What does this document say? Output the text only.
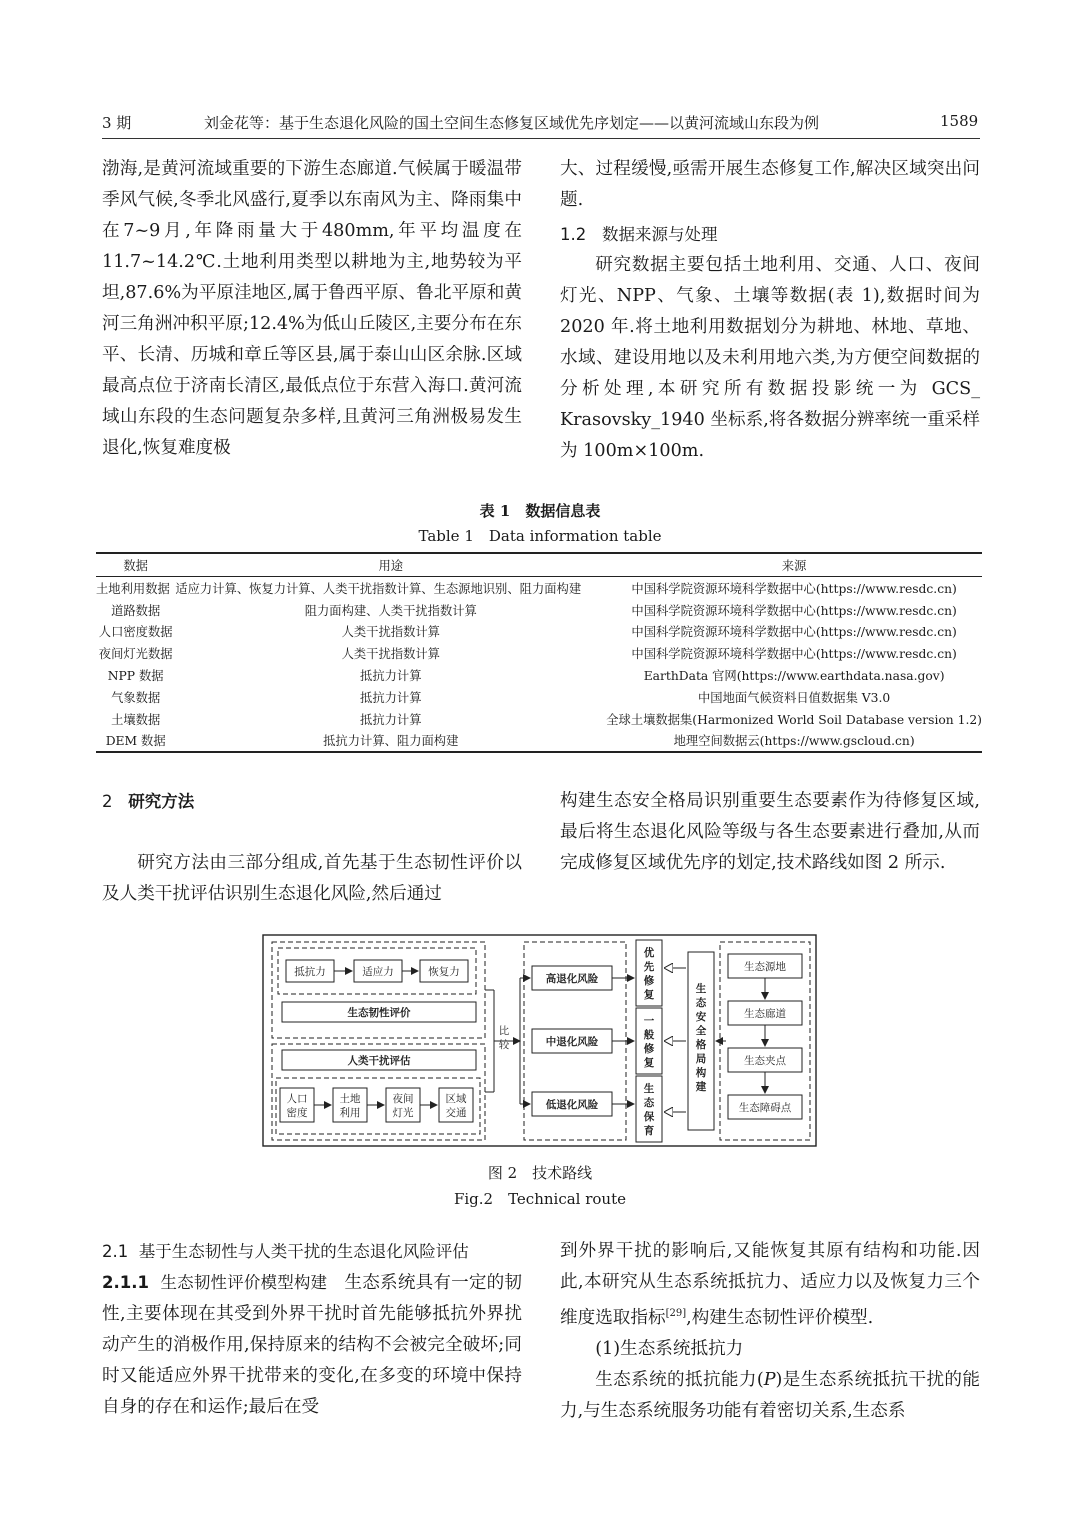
3 期	刘金花等：基于生态退化风险的国土空间生态修复区域优先序划定——以黄河流域山东段为例	1589

渤海,是黄河流域重要的下游生态廊道.气候属于暖温带季风气候,冬季北风盛行,夏季以东南风为主、降雨集中在7~9月,年降雨量大于480mm,年平均温度在 11.7~14.2℃.土地利用类型以耕地为主,地势较为平坦,87.6%为平原洼地区,属于鲁西平原、鲁北平原和黄河三角洲冲积平原;12.4%为低山丘陵区,主要分布在东平、长清、历城和章丘等区县,属于泰山山区余脉.区域最高点位于济南长清区,最低点位于东营入海口.黄河流域山东段的生态问题复杂多样,且黄河三角洲极易发生退化,恢复难度极

大、过程缓慢,亟需开展生态修复工作,解决区域突出问题.

1.2 数据来源与处理

研究数据主要包括土地利用、交通、人口、夜间灯光、NPP、气象、土壤等数据(表 1),数据时间为 2020 年.将土地利用数据划分为耕地、林地、草地、水域、建设用地以及未利用地六类,为方便空间数据的分析处理,本研究所有数据投影统一为 GCS_ Krasovsky_1940 坐标系,将各数据分辨率统一重采样为 100m×100m.

表 1　数据信息表
Table 1　Data information table
数据	用途	来源
土地利用数据	适应力计算、恢复力计算、人类干扰指数计算、生态源地识别、阻力面构建	中国科学院资源环境科学数据中心(https://www.resdc.cn)
道路数据	阻力面构建、人类干扰指数计算	中国科学院资源环境科学数据中心(https://www.resdc.cn)
人口密度数据	人类干扰指数计算	中国科学院资源环境科学数据中心(https://www.resdc.cn)
夜间灯光数据	人类干扰指数计算	中国科学院资源环境科学数据中心(https://www.resdc.cn)
NPP 数据	抵抗力计算	EarthData 官网(https://www.earthdata.nasa.gov)
气象数据	抵抗力计算	中国地面气候资料日值数据集 V3.0
土壤数据	抵抗力计算	全球土壤数据集(Harmonized World Soil Database version 1.2)
DEM 数据	抵抗力计算、阻力面构建	地理空间数据云(https://www.gscloud.cn)

2 研究方法

研究方法由三部分组成,首先基于生态韧性评价以及人类干扰评估识别生态退化风险,然后通过

构建生态安全格局识别重要生态要素作为待修复区域,最后将生态退化风险等级与各生态要素进行叠加,从而完成修复区域优先序的划定,技术路线如图 2 所示.

抵抗力	适应力	恢复力
生态韧性评价
人类干扰评估
人口
密度
土地
利用
夜间
灯光
区域
交通
比
较
高退化风险
中退化风险
低退化风险
优
先
修
复
一
般
修
复
生
态
保
育
生
态
安
全
格
局
构
建
生态源地
生态廊道
生态夹点
生态障碍点
图 2　技术路线
Fig.2　Technical route

2.1 基于生态韧性与人类干扰的生态退化风险评估

2.1.1 生态韧性评价模型构建 生态系统具有一定的韧性,主要体现在其受到外界干扰时首先能够抵抗外界扰动产生的消极作用,保持原来的结构不会被完全破坏;同时又能适应外界干扰带来的变化,在多变的环境中保持自身的存在和运作;最后在受

到外界干扰的影响后,又能恢复其原有结构和功能.因此,本研究从生态系统抵抗力、适应力以及恢复力三个维度选取指标[29],构建生态韧性评价模型.

(1)生态系统抵抗力

生态系统的抵抗能力(P)是生态系统抵抗干扰的能力,与生态系统服务功能有着密切关系,生态系
